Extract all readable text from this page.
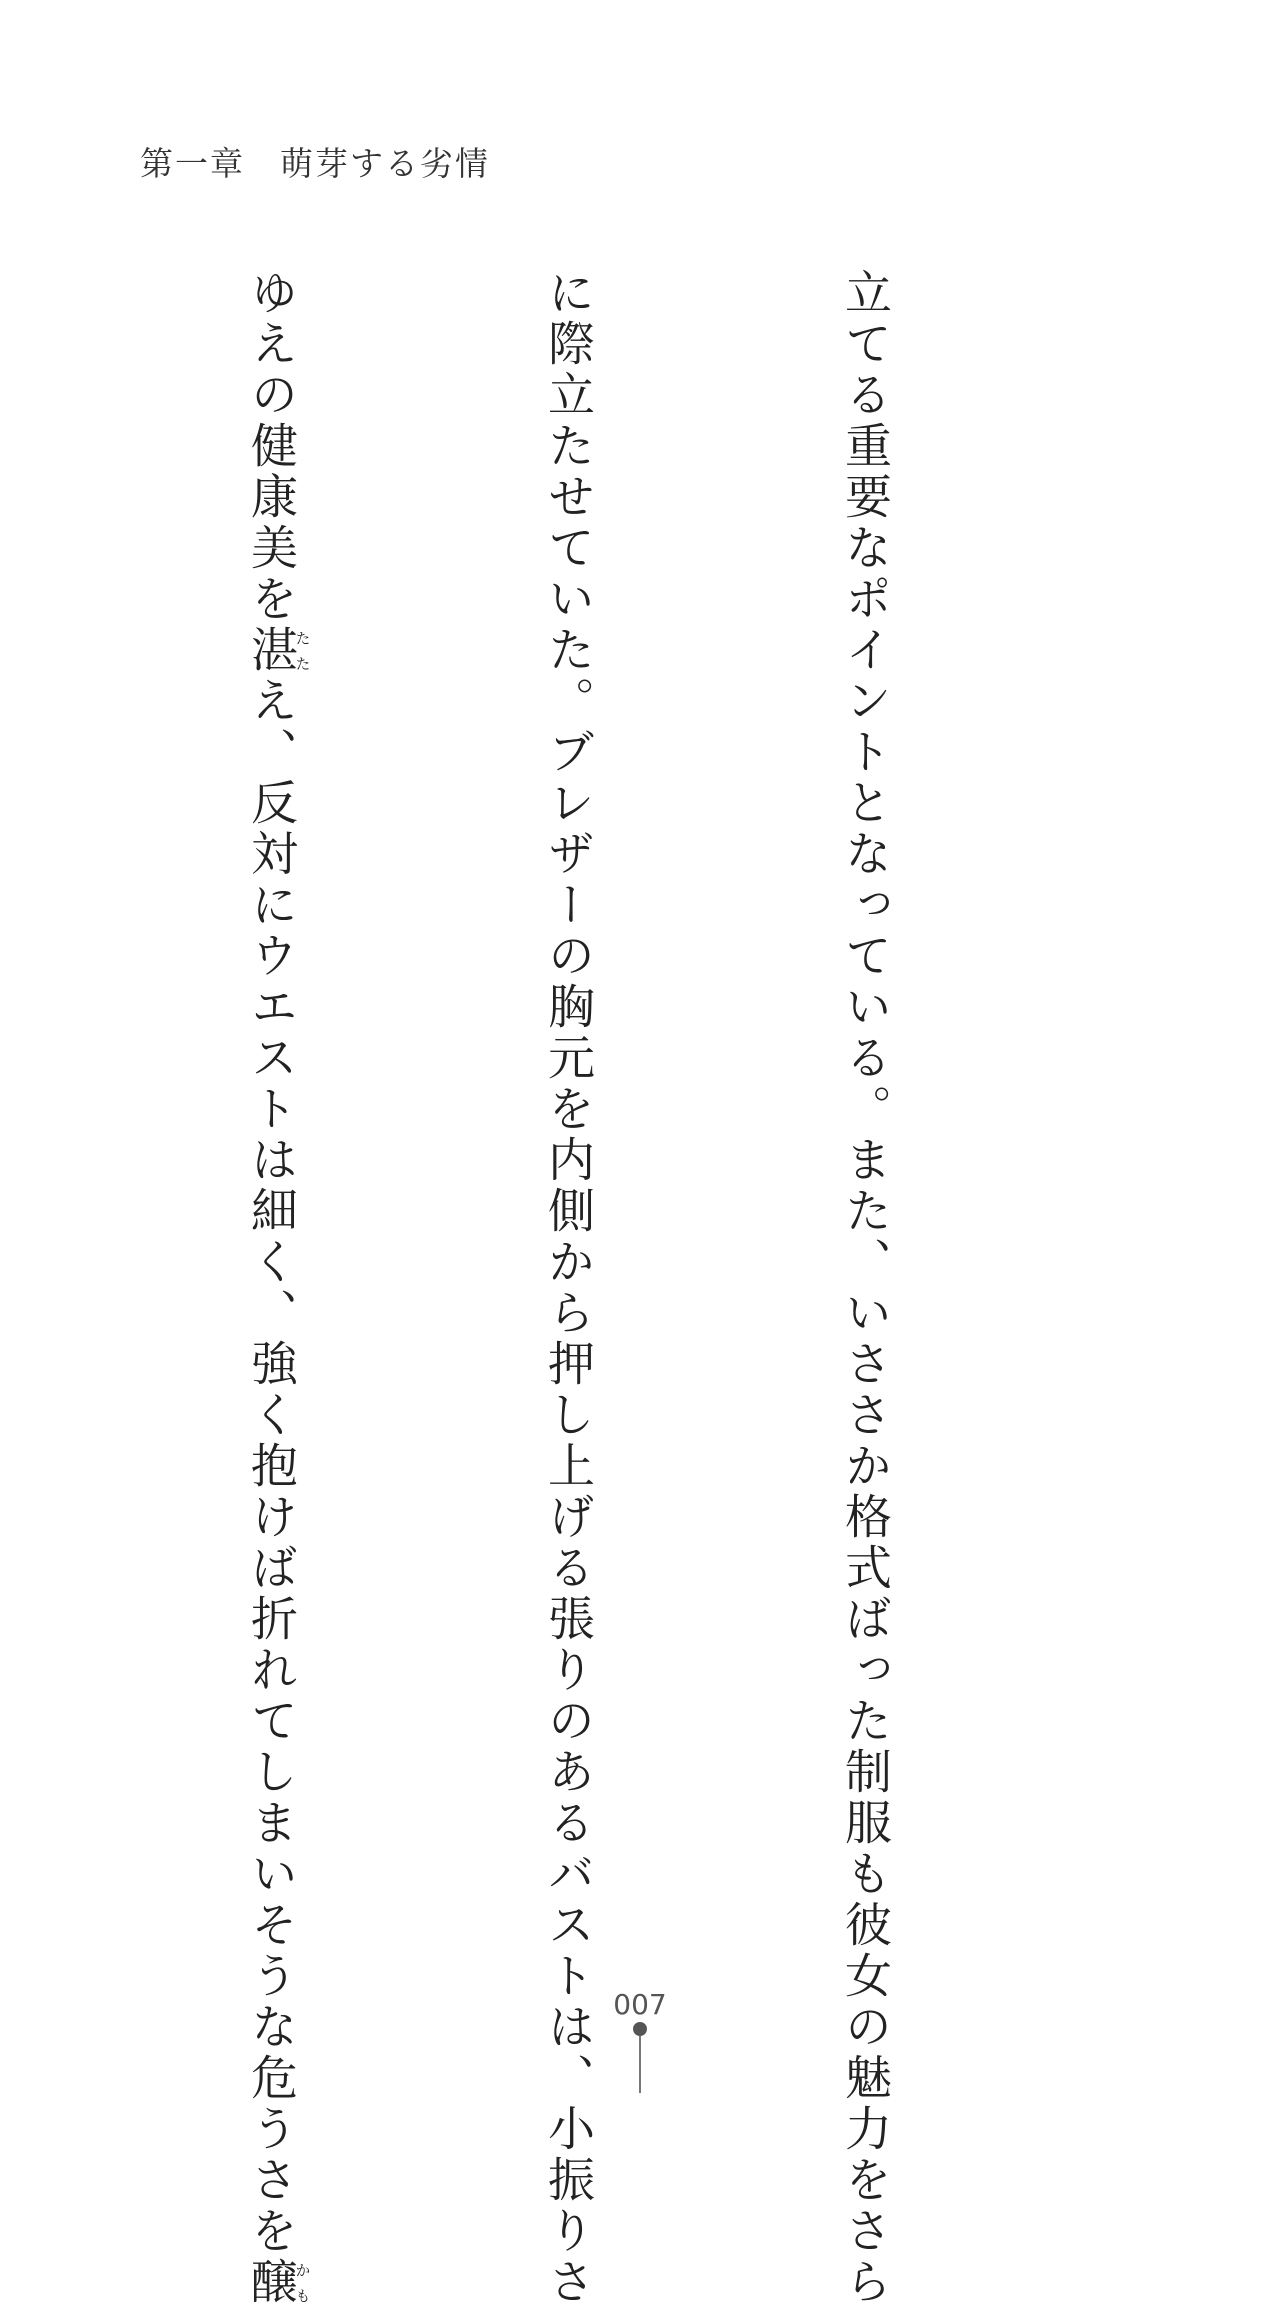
第一章　萌芽する劣情

立てる重要なポイントとなっている。また、いささか格式ばった制服も彼女の魅力をさら

に際立たせていた。ブレザーの胸元を内側から押し上げる張りのあるバストは、小振りさ

ゆえの健康美を湛たたえ、反対にウエストは細く、強く抱けば折れてしまいそうな危うさを醸かも

007
